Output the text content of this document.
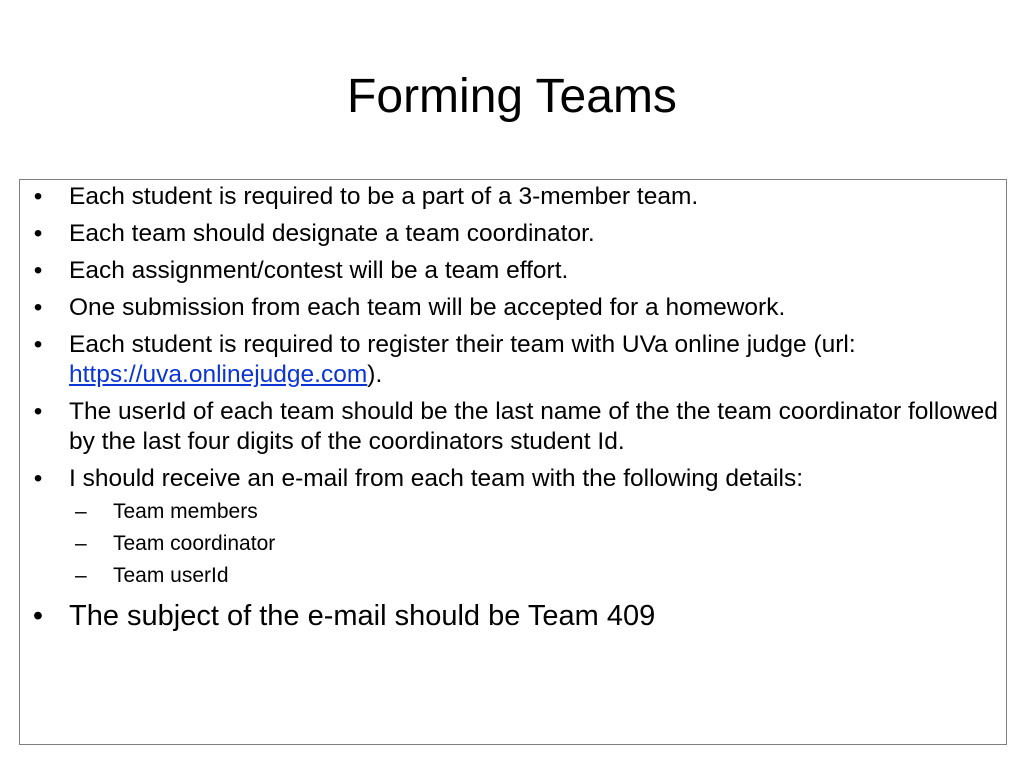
Forming Teams
• Each student is required to be a part of a 3-member team.
• Each team should designate a team coordinator.
• Each assignment/contest will be a team effort.
• One submission from each team will be accepted for a homework.
• Each student is required to register their team with UVa online judge (url: https://uva.onlinejudge.com).
• The userId of each team should be the last name of the the team coordinator followed by the last four digits of the coordinators student Id.
• I should receive an e-mail from each team with the following details:
– Team members
– Team coordinator
– Team userId
• The subject of the e-mail should be Team 409
